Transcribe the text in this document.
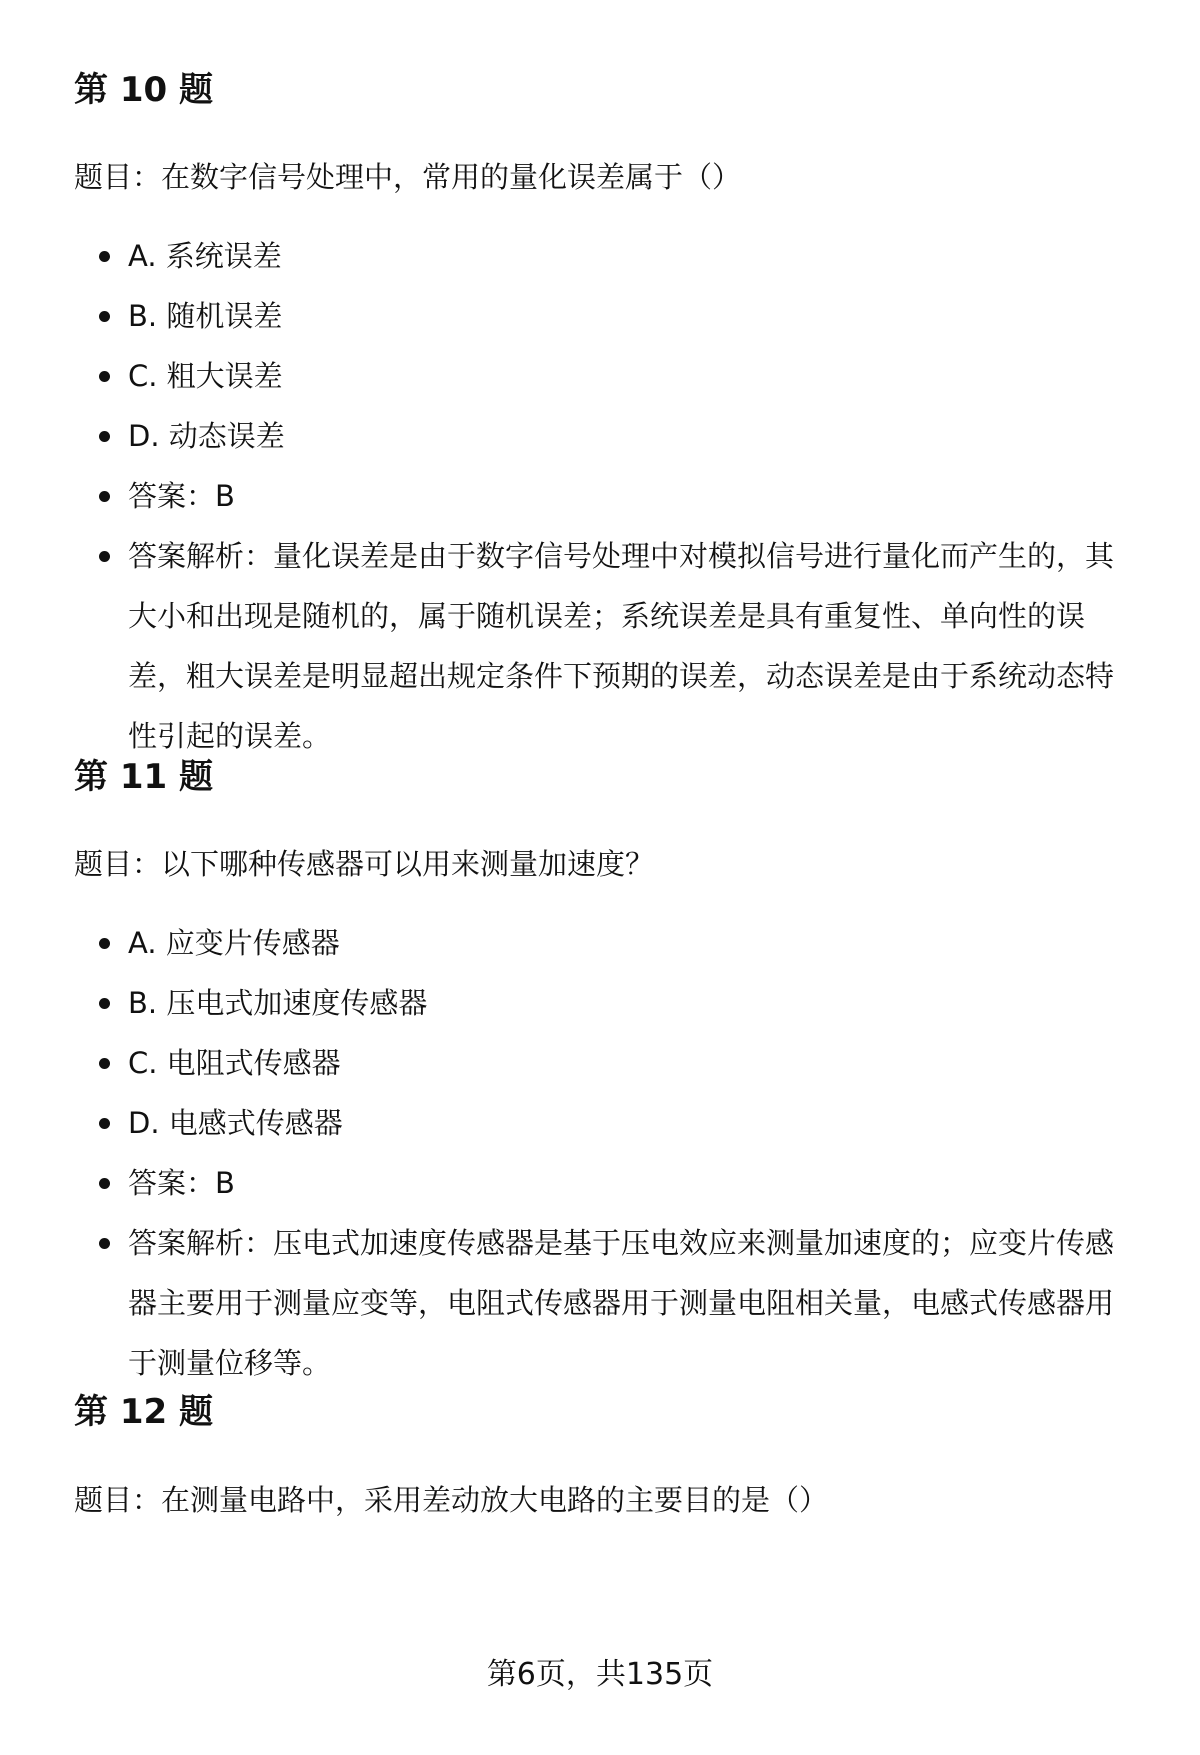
第 10 题

题目：在数字信号处理中，常用的量化误差属于（）

A. 系统误差
B. 随机误差
C. 粗大误差
D. 动态误差
答案：B
答案解析：量化误差是由于数字信号处理中对模拟信号进行量化而产生的，其大小和出现是随机的，属于随机误差；系统误差是具有重复性、单向性的误差，粗大误差是明显超出规定条件下预期的误差，动态误差是由于系统动态特性引起的误差。
第 11 题

题目：以下哪种传感器可以用来测量加速度？

A. 应变片传感器
B. 压电式加速度传感器
C. 电阻式传感器
D. 电感式传感器
答案：B
答案解析：压电式加速度传感器是基于压电效应来测量加速度的；应变片传感器主要用于测量应变等，电阻式传感器用于测量电阻相关量，电感式传感器用于测量位移等。
第 12 题

题目：在测量电路中，采用差动放大电路的主要目的是（）

第6页，共135页
